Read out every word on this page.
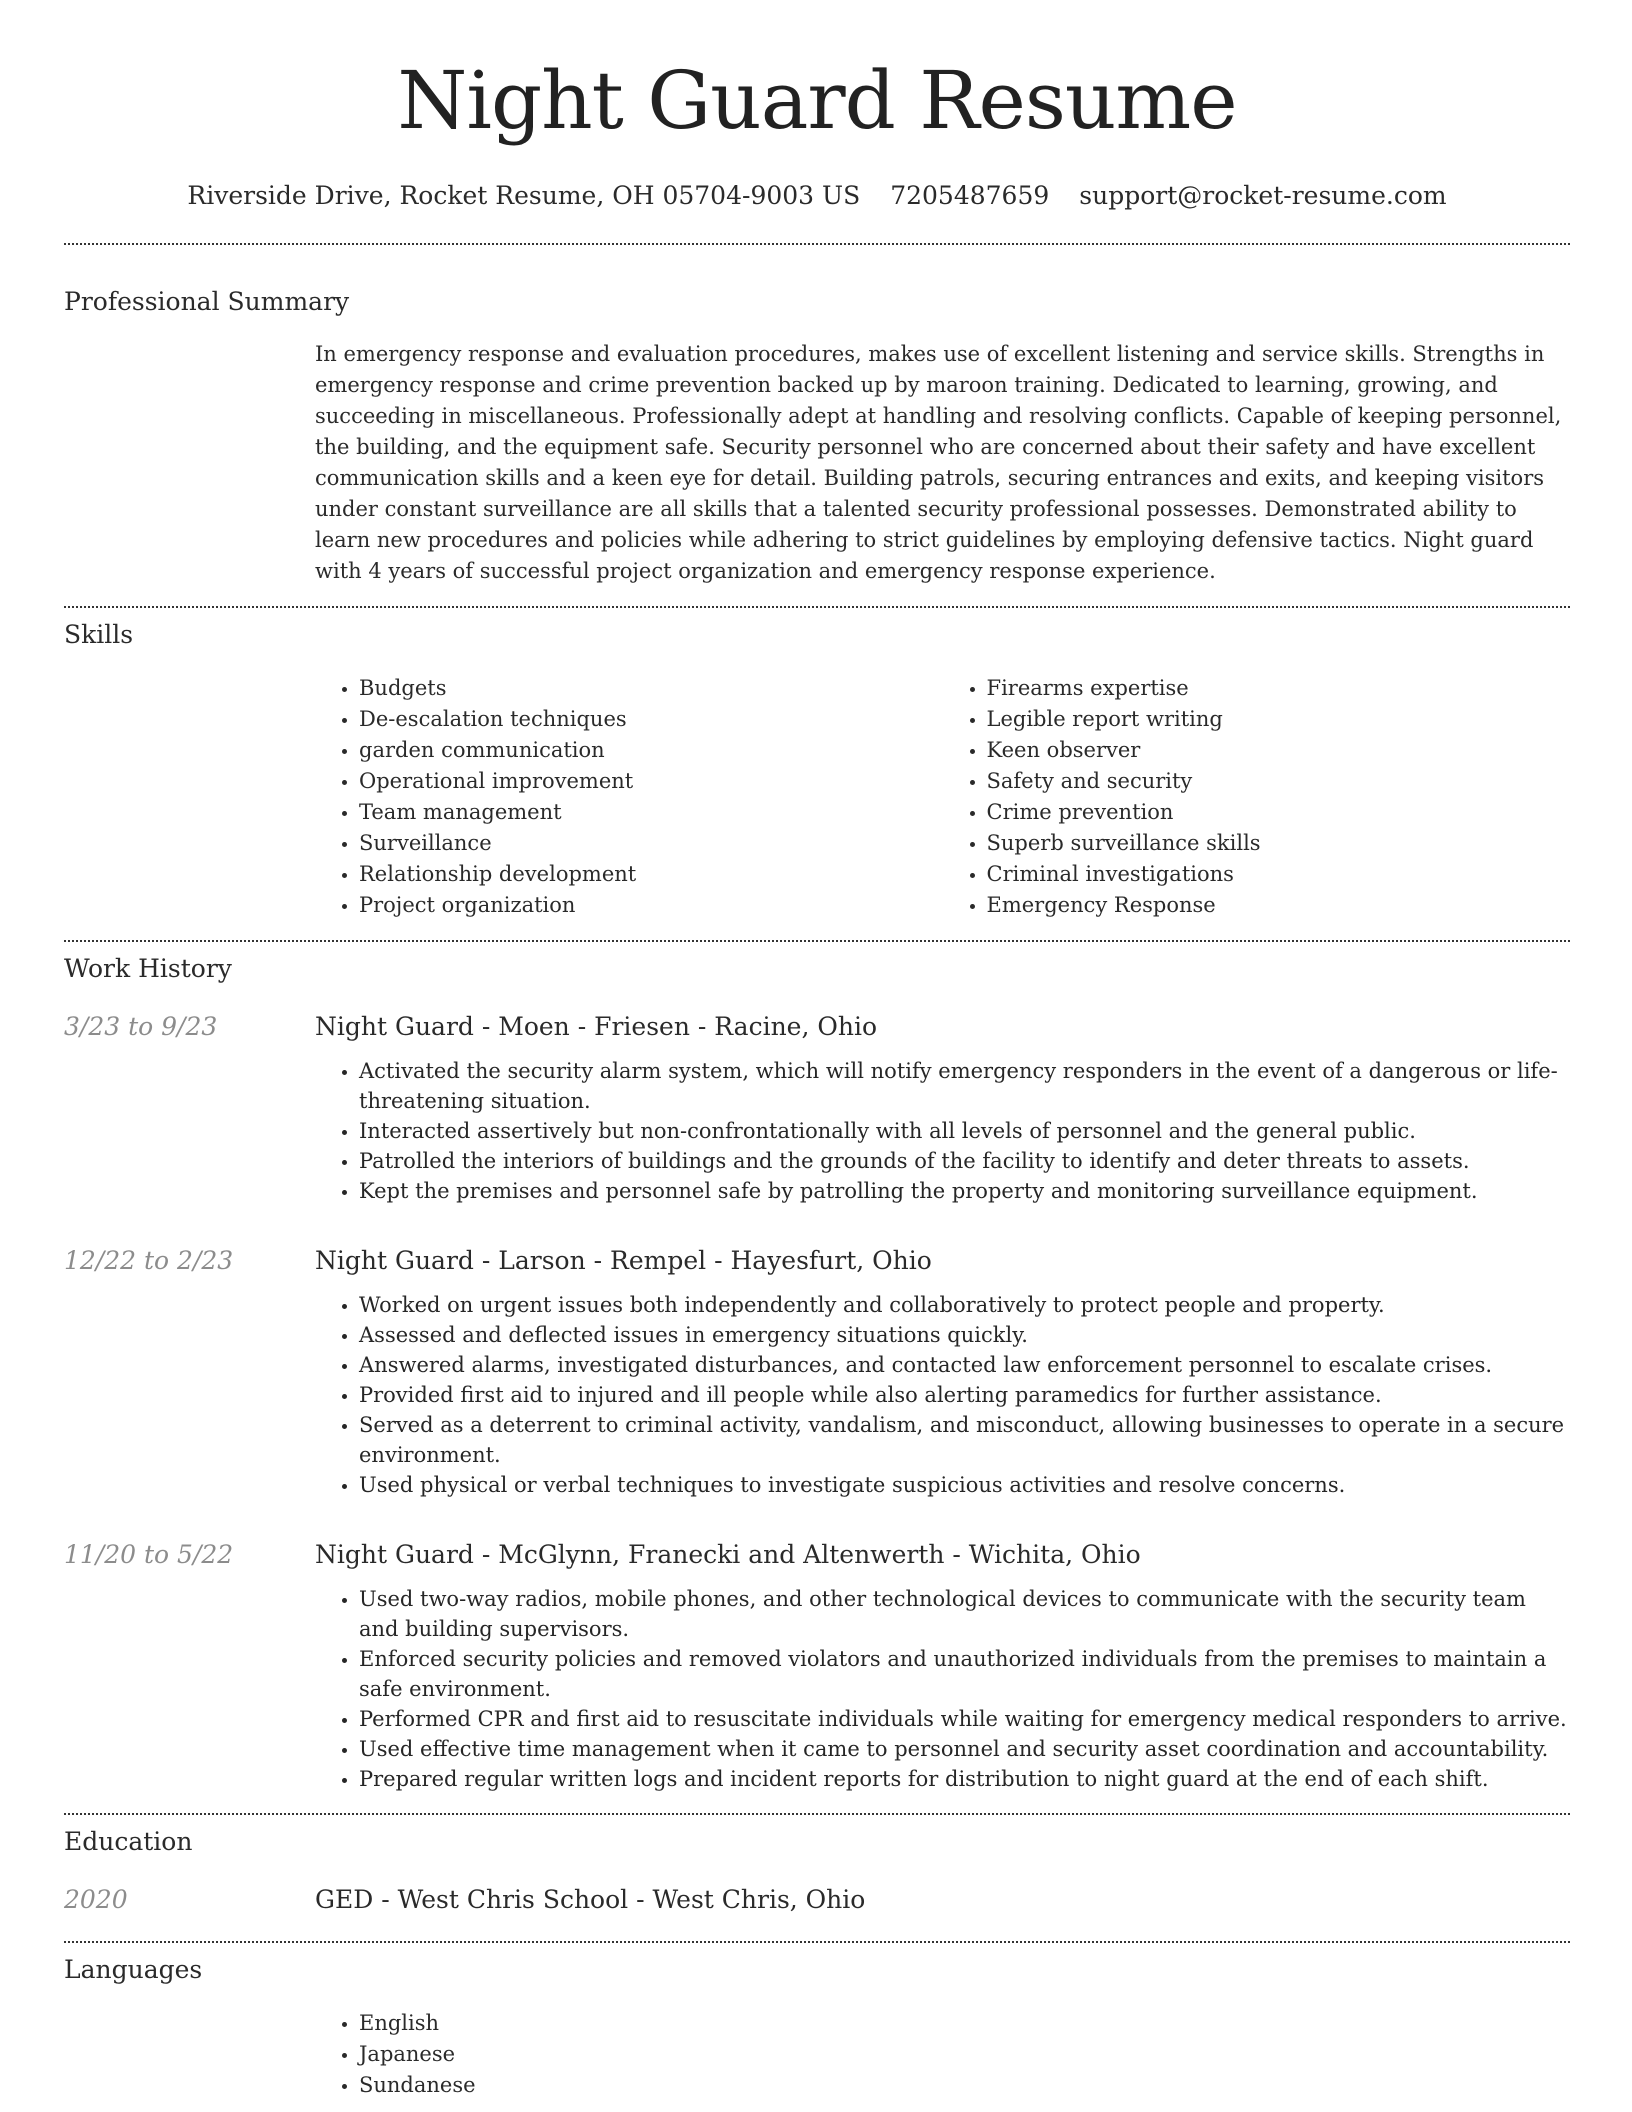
Night Guard Resume
Riverside Drive, Rocket Resume, OH 05704-9003 US 7205487659 support@rocket-resume.com
Professional Summary

In emergency response and evaluation procedures, makes use of excellent listening and service skills. Strengths in emergency response and crime prevention backed up by maroon training. Dedicated to learning, growing, and succeeding in miscellaneous. Professionally adept at handling and resolving conflicts. Capable of keeping personnel, the building, and the equipment safe. Security personnel who are concerned about their safety and have excellent communication skills and a keen eye for detail. Building patrols, securing entrances and exits, and keeping visitors under constant surveillance are all skills that a talented security professional possesses. Demonstrated ability to learn new procedures and policies while adhering to strict guidelines by employing defensive tactics. Night guard with 4 years of successful project organization and emergency response experience.

Skills
• Budgets
• De-escalation techniques
• garden communication
• Operational improvement
• Team management
• Surveillance
• Relationship development
• Project organization
• Firearms expertise
• Legible report writing
• Keen observer
• Safety and security
• Crime prevention
• Superb surveillance skills
• Criminal investigations
• Emergency Response
Work History
3/23 to 9/23	Night Guard - Moen - Friesen - Racine, Ohio
• Activated the security alarm system, which will notify emergency responders in the event of a dangerous or life-threatening situation.
• Interacted assertively but non-confrontationally with all levels of personnel and the general public.
• Patrolled the interiors of buildings and the grounds of the facility to identify and deter threats to assets.
• Kept the premises and personnel safe by patrolling the property and monitoring surveillance equipment.
12/22 to 2/23	Night Guard - Larson - Rempel - Hayesfurt, Ohio
• Worked on urgent issues both independently and collaboratively to protect people and property.
• Assessed and deflected issues in emergency situations quickly.
• Answered alarms, investigated disturbances, and contacted law enforcement personnel to escalate crises.
• Provided first aid to injured and ill people while also alerting paramedics for further assistance.
• Served as a deterrent to criminal activity, vandalism, and misconduct, allowing businesses to operate in a secure environment.
• Used physical or verbal techniques to investigate suspicious activities and resolve concerns.
11/20 to 5/22	Night Guard - McGlynn, Franecki and Altenwerth - Wichita, Ohio
• Used two-way radios, mobile phones, and other technological devices to communicate with the security team and building supervisors.
• Enforced security policies and removed violators and unauthorized individuals from the premises to maintain a safe environment.
• Performed CPR and first aid to resuscitate individuals while waiting for emergency medical responders to arrive.
• Used effective time management when it came to personnel and security asset coordination and accountability.
• Prepared regular written logs and incident reports for distribution to night guard at the end of each shift.
Education
2020	GED - West Chris School - West Chris, Ohio
Languages
• English
• Japanese
• Sundanese
